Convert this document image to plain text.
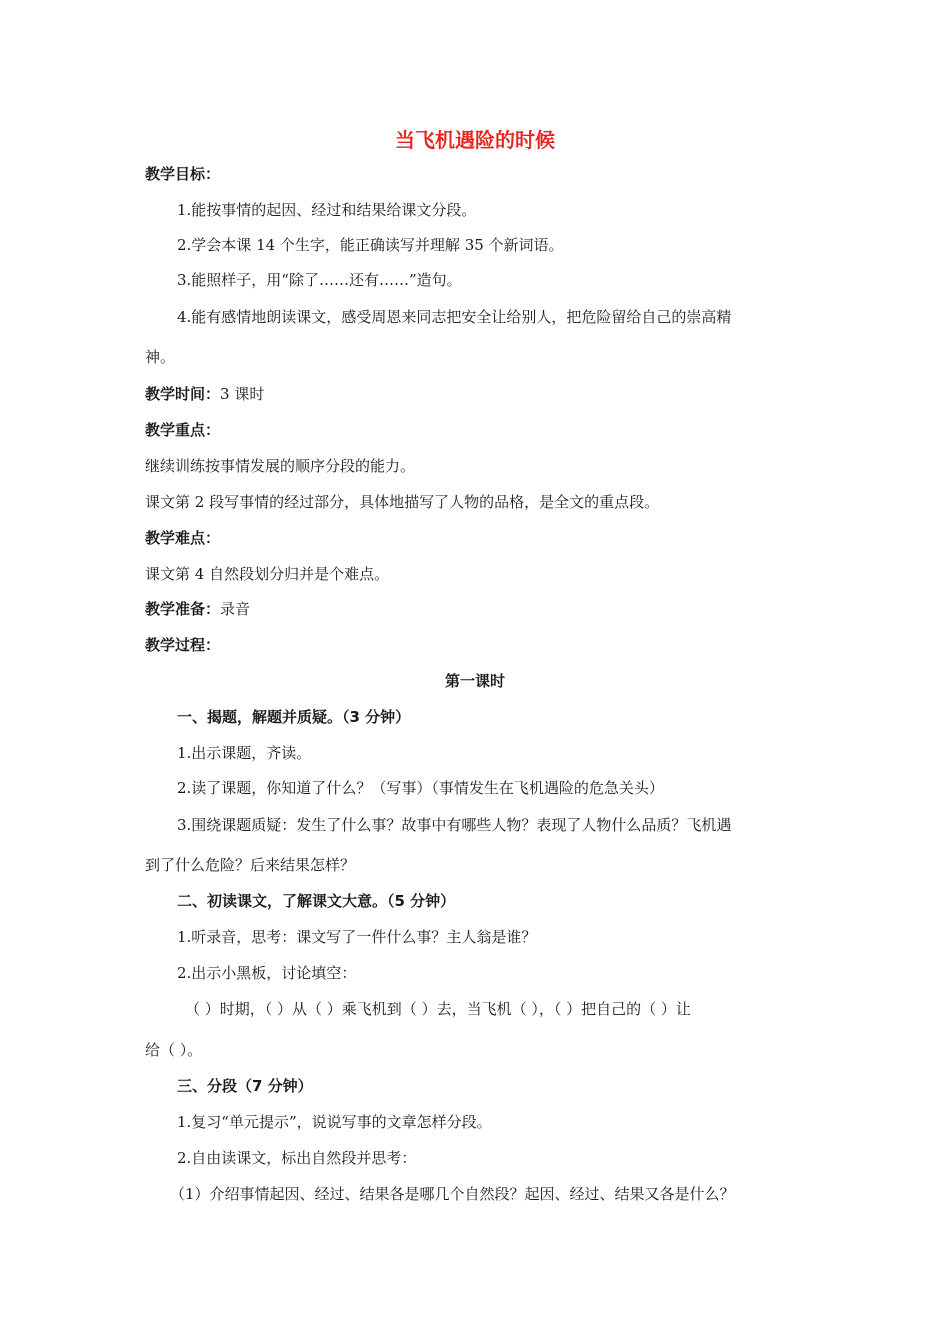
当飞机遇险的时候
教学目标：
1.能按事情的起因、经过和结果给课文分段。
2.学会本课 14 个生字，能正确读写并理解 35 个新词语。
3.能照样子，用“除了……还有……”造句。
4.能有感情地朗读课文，感受周恩来同志把安全让给别人，把危险留给自己的崇高精
神。
教学时间：3 课时
教学重点：
继续训练按事情发展的顺序分段的能力。
课文第 2 段写事情的经过部分，具体地描写了人物的品格，是全文的重点段。
教学难点：
课文第 4 自然段划分归并是个难点。
教学准备：录音
教学过程：
第一课时
一、揭题，解题并质疑。（3 分钟）
1.出示课题，齐读。
2.读了课题，你知道了什么？（写事）（事情发生在飞机遇险的危急关头）
3.围绕课题质疑：发生了什么事？故事中有哪些人物？表现了人物什么品质？飞机遇
到了什么危险？后来结果怎样？
二、初读课文，了解课文大意。（5 分钟）
1.听录音，思考：课文写了一件什么事？主人翁是谁？
2.出示小黑板，讨论填空：
（ ）时期，（ ）从（ ）乘飞机到（ ）去，当飞机（ ），（ ）把自己的（ ）让
给（ ）。
三、分段（7 分钟）
1.复习“单元提示”，说说写事的文章怎样分段。
2.自由读课文，标出自然段并思考：
（1）介绍事情起因、经过、结果各是哪几个自然段？起因、经过、结果又各是什么？
